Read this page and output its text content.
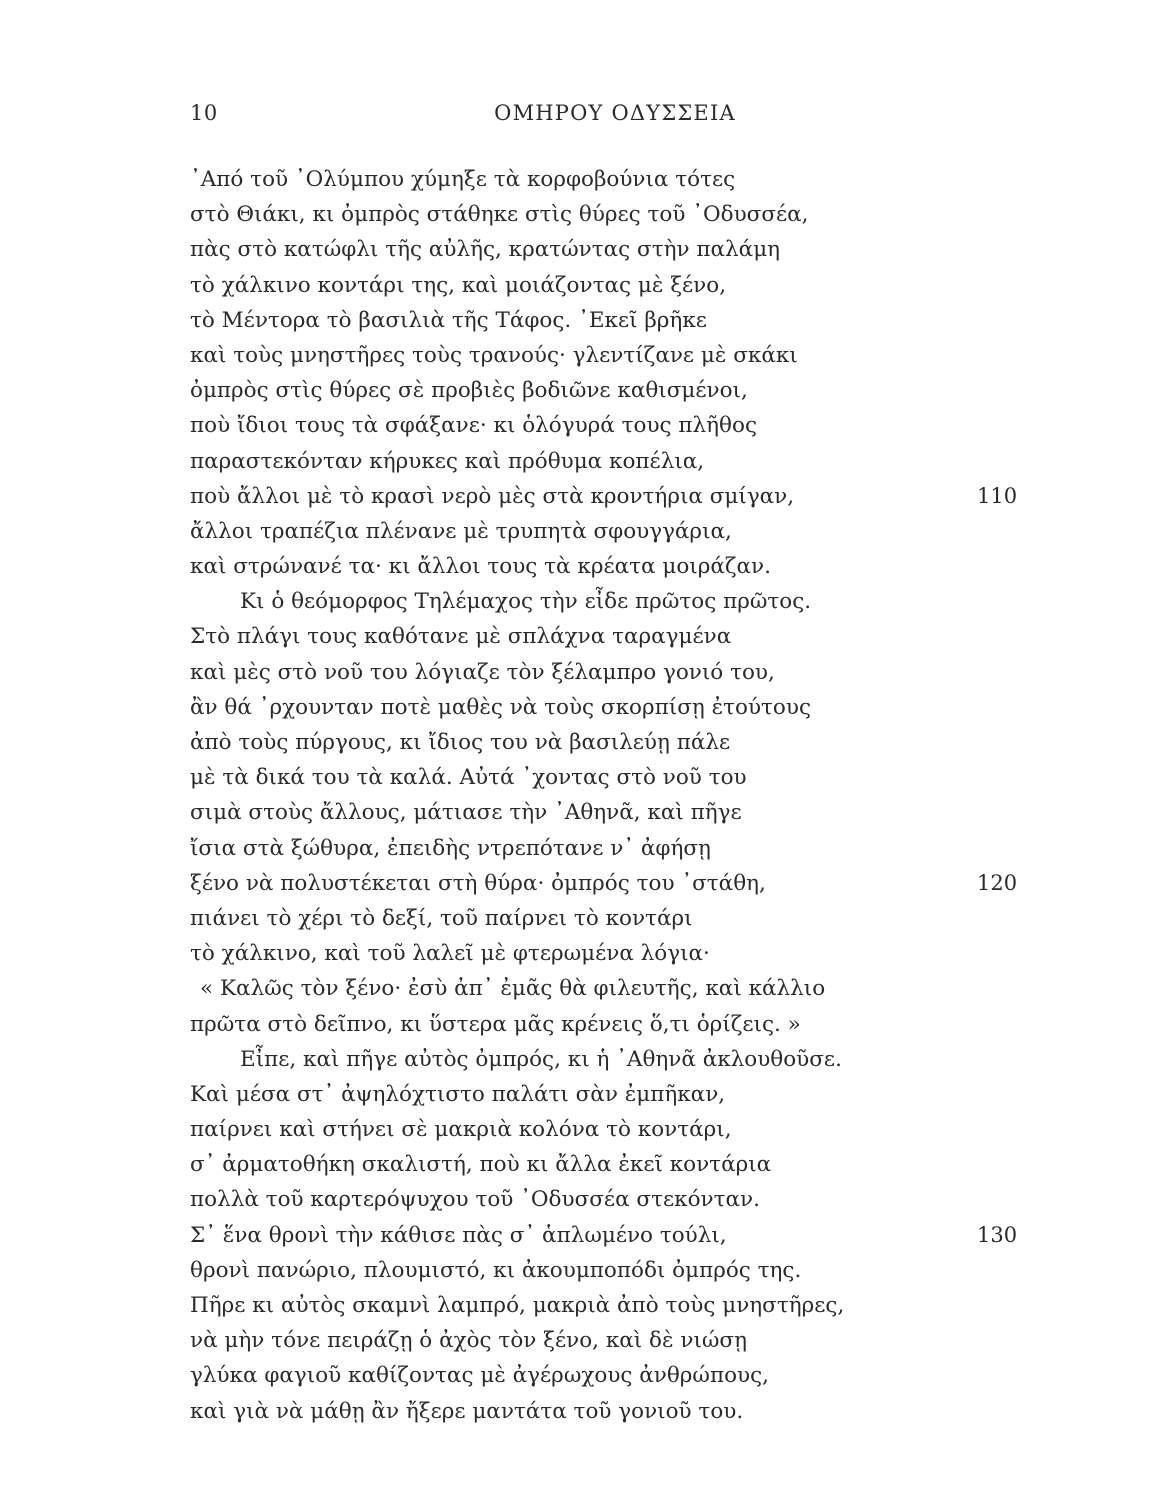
10	ΟΜΗΡΟΥ ΟΔΥΣΣΕΙΑ
᾿Από τοῦ ᾿Ολύμπου χύμηξε τὰ κορφοβούνια τότες
στὸ Θιάκι, κι ὀμπρὸς στάθηκε στὶς θύρες τοῦ ᾿Οδυσσέα,
πὰς στὸ κατώφλι τῆς αὐλῆς, κρατώντας στὴν παλάμη
τὸ χάλκινο κοντάρι της, καὶ μοιάζοντας μὲ ξένο,
τὸ Μέντορα τὸ βασιλιὰ τῆς Τάφος. ᾿Εκεῖ βρῆκε
καὶ τοὺς μνηστῆρες τοὺς τρανούς· γλεντίζανε μὲ σκάκι
ὀμπρὸς στὶς θύρες σὲ προβιὲς βοδιῶνε καθισμένοι,
ποὺ ἴδιοι τους τὰ σφάξανε· κι ὁλόγυρά τους πλῆθος
παραστεκόνταν κήρυκες καὶ πρόθυμα κοπέλια,
ποὺ ἄλλοι μὲ τὸ κρασὶ νερὸ μὲς στὰ κροντήρια σμίγαν,	110
ἄλλοι τραπέζια πλένανε μὲ τρυπητὰ σφουγγάρια,
καὶ στρώνανέ τα· κι ἄλλοι τους τὰ κρέατα μοιράζαν.
Κι ὁ θεόμορφος Τηλέμαχος τὴν εἶδε πρῶτος πρῶτος.
Στὸ πλάγι τους καθότανε μὲ σπλάχνα ταραγμένα
καὶ μὲς στὸ νοῦ του λόγιαζε τὸν ξέλαμπρο γονιό του,
ἂν θά ᾿ρχουνταν ποτὲ μαθὲς νὰ τοὺς σκορπίσῃ ἐτούτους
ἀπὸ τοὺς πύργους, κι ἴδιος του νὰ βασιλεύῃ πάλε
μὲ τὰ δικά του τὰ καλά. Αὐτά ᾿χοντας στὸ νοῦ του
σιμὰ στοὺς ἄλλους, μάτιασε τὴν ᾿Αθηνᾶ, καὶ πῆγε
ἴσια στὰ ξώθυρα, ἐπειδὴς ντρεπότανε ν᾿ ἀφήσῃ
ξένο νὰ πολυστέκεται στὴ θύρα· ὀμπρός του ᾿στάθη,	120
πιάνει τὸ χέρι τὸ δεξί, τοῦ παίρνει τὸ κοντάρι
τὸ χάλκινο, καὶ τοῦ λαλεῖ μὲ φτερωμένα λόγια·
« Καλῶς τὸν ξένο· ἐσὺ ἀπ᾿ ἐμᾶς θὰ φιλευτῆς, καὶ κάλλιο
πρῶτα στὸ δεῖπνο, κι ὕστερα μᾶς κρένεις ὅ,τι ὁρίζεις. »
Εἶπε, καὶ πῆγε αὐτὸς ὀμπρός, κι ἡ ᾿Αθηνᾶ ἀκλουθοῦσε.
Καὶ μέσα στ᾿ ἀψηλόχτιστο παλάτι σὰν ἐμπῆκαν,
παίρνει καὶ στήνει σὲ μακριὰ κολόνα τὸ κοντάρι,
σ᾿ ἀρματοθήκη σκαλιστή, ποὺ κι ἄλλα ἐκεῖ κοντάρια
πολλὰ τοῦ καρτερόψυχου τοῦ ᾿Οδυσσέα στεκόνταν.
Σ᾿ ἕνα θρονὶ τὴν κάθισε πὰς σ᾿ ἁπλωμένο τούλι,	130
θρονὶ πανώριο, πλουμιστό, κι ἀκουμποπόδι ὀμπρός της.
Πῆρε κι αὐτὸς σκαμνὶ λαμπρό, μακριὰ ἀπὸ τοὺς μνηστῆρες,
νὰ μὴν τόνε πειράζῃ ὁ ἀχὸς τὸν ξένο, καὶ δὲ νιώσῃ
γλύκα φαγιοῦ καθίζοντας μὲ ἀγέρωχους ἀνθρώπους,
καὶ γιὰ νὰ μάθῃ ἂν ἤξερε μαντάτα τοῦ γονιοῦ του.
